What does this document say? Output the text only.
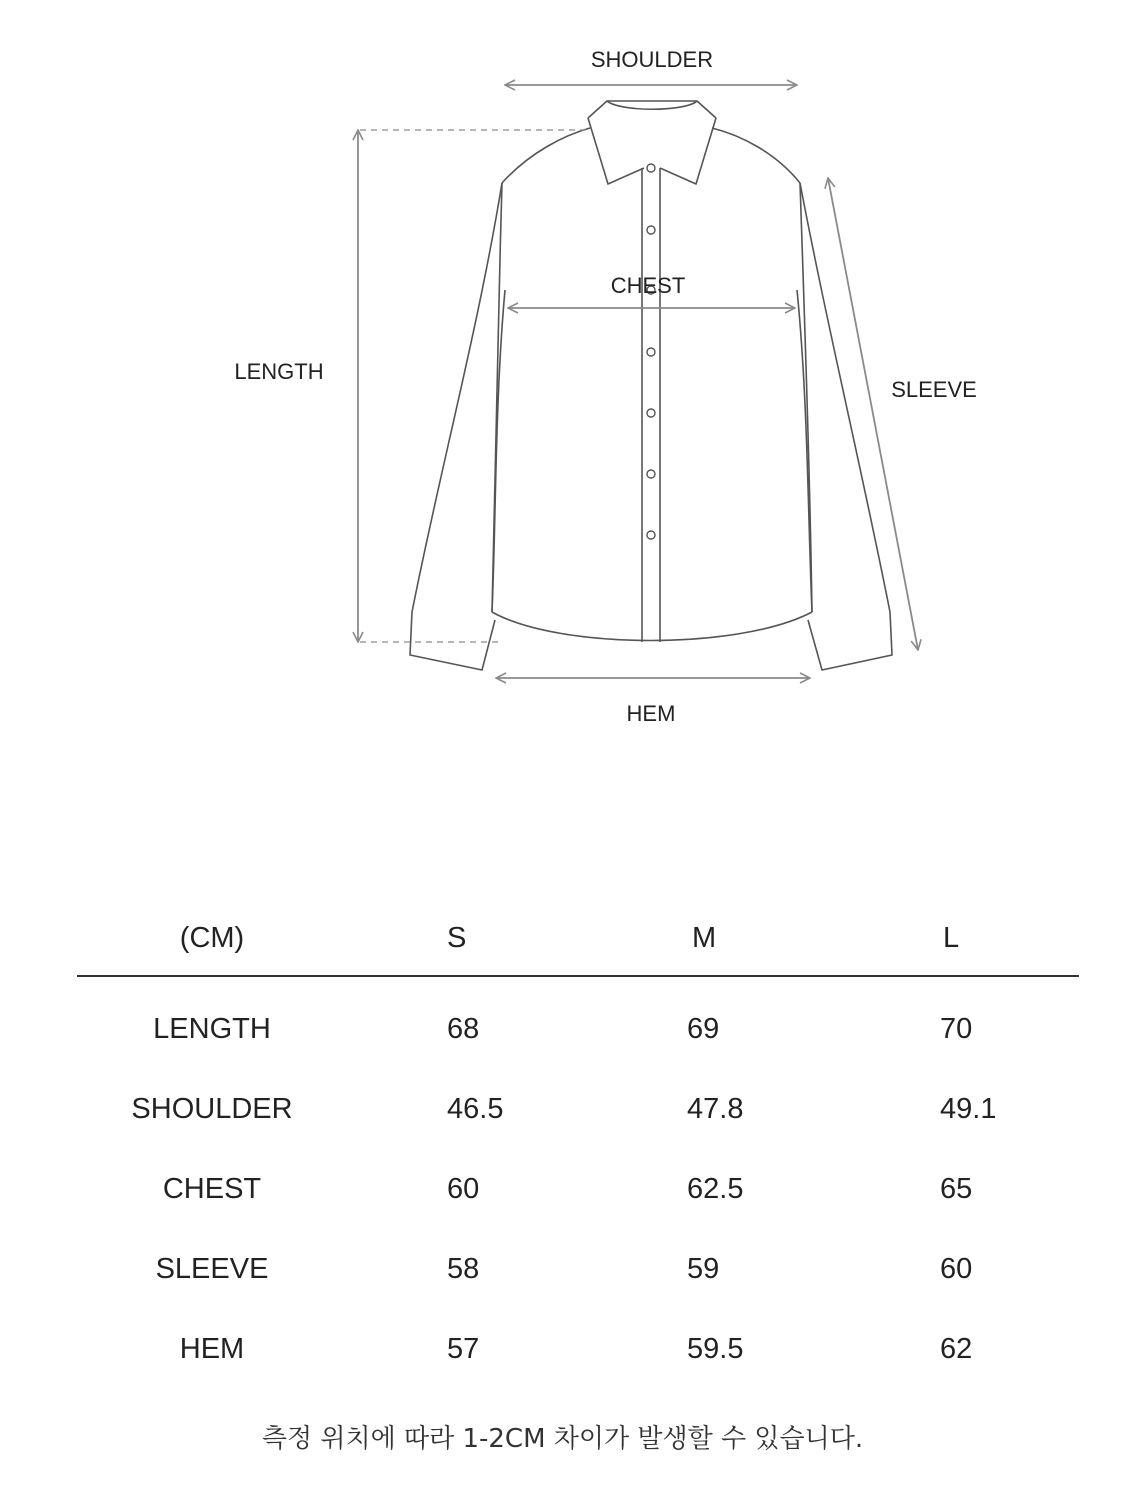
SHOULDER
CHEST
LENGTH
SLEEVE
HEM
(CM)	S	M	L
LENGTH	68	69	70
SHOULDER	46.5	47.8	49.1
CHEST	60	62.5	65
SLEEVE	58	59	60
HEM	57	59.5	62
측정 위치에 따라 1-2CM 차이가 발생할 수 있습니다.
